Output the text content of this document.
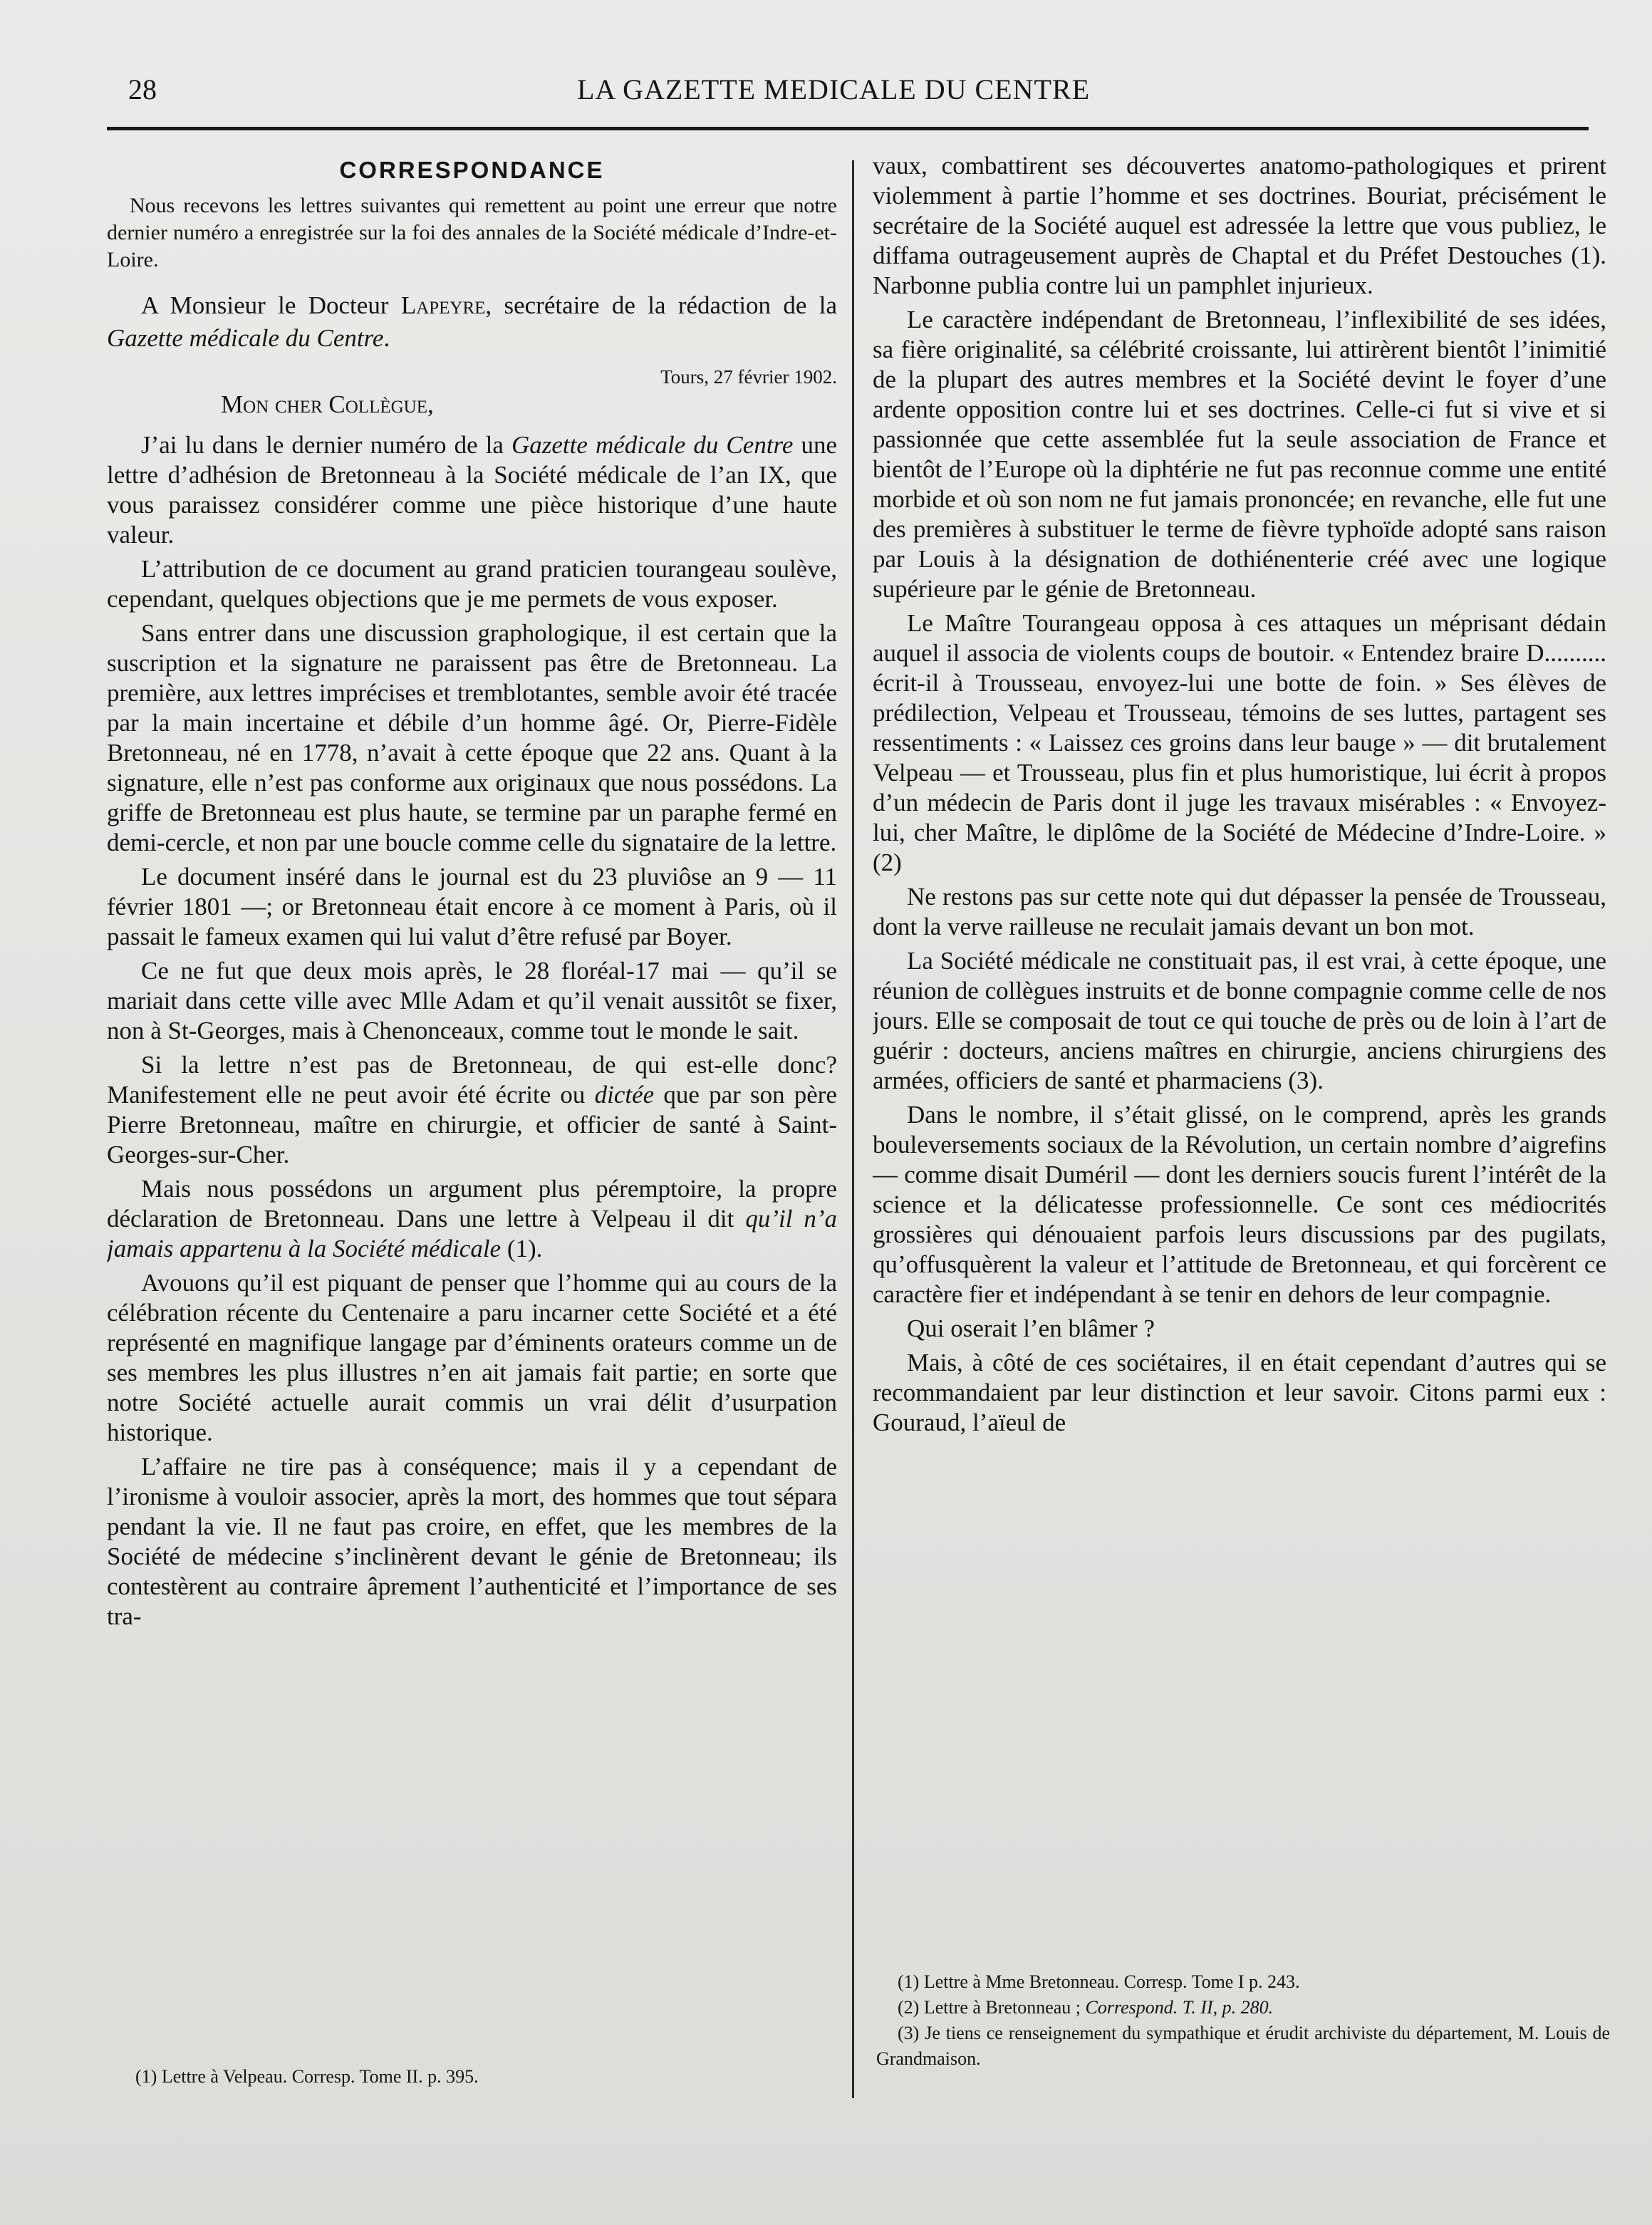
28	LA GAZETTE MEDICALE DU CENTRE
CORRESPONDANCE

Nous recevons les lettres suivantes qui remettent au point une erreur que notre dernier numéro a enregistrée sur la foi des annales de la Société médicale d’Indre-et-Loire.

A Monsieur le Docteur Lapeyre, secrétaire de la rédaction de la Gazette médicale du Centre.

Tours, 27 février 1902.

Mon cher Collègue,

J’ai lu dans le dernier numéro de la Gazette médicale du Centre une lettre d’adhésion de Bretonneau à la Société médicale de l’an IX, que vous paraissez considérer comme une pièce historique d’une haute valeur.

L’attribution de ce document au grand praticien tourangeau soulève, cependant, quelques objections que je me permets de vous exposer.

Sans entrer dans une discussion graphologique, il est certain que la suscription et la signature ne paraissent pas être de Bretonneau. La première, aux lettres imprécises et tremblotantes, semble avoir été tracée par la main incertaine et débile d’un homme âgé. Or, Pierre-Fidèle Bretonneau, né en 1778, n’avait à cette époque que 22 ans. Quant à la signature, elle n’est pas conforme aux originaux que nous possédons. La griffe de Bretonneau est plus haute, se termine par un paraphe fermé en demi-cercle, et non par une boucle comme celle du signataire de la lettre.

Le document inséré dans le journal est du 23 pluviôse an 9 — 11 février 1801 —; or Bretonneau était encore à ce moment à Paris, où il passait le fameux examen qui lui valut d’être refusé par Boyer.

Ce ne fut que deux mois après, le 28 floréal-17 mai — qu’il se mariait dans cette ville avec Mlle Adam et qu’il venait aussitôt se fixer, non à St-Georges, mais à Chenonceaux, comme tout le monde le sait.

Si la lettre n’est pas de Bretonneau, de qui est-elle donc? Manifestement elle ne peut avoir été écrite ou dictée que par son père Pierre Bretonneau, maître en chirurgie, et officier de santé à Saint-Georges-sur-Cher.

Mais nous possédons un argument plus péremptoire, la propre déclaration de Bretonneau. Dans une lettre à Velpeau il dit qu’il n’a jamais appartenu à la Société médicale (1).

Avouons qu’il est piquant de penser que l’homme qui au cours de la célébration récente du Centenaire a paru incarner cette Société et a été représenté en magnifique langage par d’éminents orateurs comme un de ses membres les plus illustres n’en ait jamais fait partie; en sorte que notre Société actuelle aurait commis un vrai délit d’usurpation historique.

L’affaire ne tire pas à conséquence; mais il y a cependant de l’ironisme à vouloir associer, après la mort, des hommes que tout sépara pendant la vie. Il ne faut pas croire, en effet, que les membres de la Société de médecine s’inclinèrent devant le génie de Bretonneau; ils contestèrent au contraire âprement l’authenticité et l’importance de ses tra-

(1) Lettre à Velpeau. Corresp. Tome II. p. 395.

vaux, combattirent ses découvertes anatomo-pathologiques et prirent violemment à partie l’homme et ses doctrines. Bouriat, précisément le secrétaire de la Société auquel est adressée la lettre que vous publiez, le diffama outrageusement auprès de Chaptal et du Préfet Destouches (1). Narbonne publia contre lui un pamphlet injurieux.

Le caractère indépendant de Bretonneau, l’inflexibilité de ses idées, sa fière originalité, sa célébrité croissante, lui attirèrent bientôt l’inimitié de la plupart des autres membres et la Société devint le foyer d’une ardente opposition contre lui et ses doctrines. Celle-ci fut si vive et si passionnée que cette assemblée fut la seule association de France et bientôt de l’Europe où la diphtérie ne fut pas reconnue comme une entité morbide et où son nom ne fut jamais prononcée; en revanche, elle fut une des premières à substituer le terme de fièvre typhoïde adopté sans raison par Louis à la désignation de dothiénenterie créé avec une logique supérieure par le génie de Bretonneau.

Le Maître Tourangeau opposa à ces attaques un méprisant dédain auquel il associa de violents coups de boutoir. « Entendez braire D.......... écrit-il à Trousseau, envoyez-lui une botte de foin. » Ses élèves de prédilection, Velpeau et Trousseau, témoins de ses luttes, partagent ses ressentiments : « Laissez ces groins dans leur bauge » — dit brutalement Velpeau — et Trousseau, plus fin et plus humoristique, lui écrit à propos d’un médecin de Paris dont il juge les travaux misérables : « Envoyez-lui, cher Maître, le diplôme de la Société de Médecine d’Indre-Loire. » (2)

Ne restons pas sur cette note qui dut dépasser la pensée de Trousseau, dont la verve railleuse ne reculait jamais devant un bon mot.

La Société médicale ne constituait pas, il est vrai, à cette époque, une réunion de collègues instruits et de bonne compagnie comme celle de nos jours. Elle se composait de tout ce qui touche de près ou de loin à l’art de guérir : docteurs, anciens maîtres en chirurgie, anciens chirurgiens des armées, officiers de santé et pharmaciens (3).

Dans le nombre, il s’était glissé, on le comprend, après les grands bouleversements sociaux de la Révolution, un certain nombre d’aigrefins — comme disait Duméril — dont les derniers soucis furent l’intérêt de la science et la délicatesse professionnelle. Ce sont ces médiocrités grossières qui dénouaient parfois leurs discussions par des pugilats, qu’offusquèrent la valeur et l’attitude de Bretonneau, et qui forcèrent ce caractère fier et indépendant à se tenir en dehors de leur compagnie.

Qui oserait l’en blâmer ?

Mais, à côté de ces sociétaires, il en était cependant d’autres qui se recommandaient par leur distinction et leur savoir. Citons parmi eux : Gouraud, l’aïeul de

(1) Lettre à Mme Bretonneau. Corresp. Tome I p. 243.

(2) Lettre à Bretonneau ; Correspond. T. II, p. 280.

(3) Je tiens ce renseignement du sympathique et érudit archiviste du département, M. Louis de Grandmaison.
